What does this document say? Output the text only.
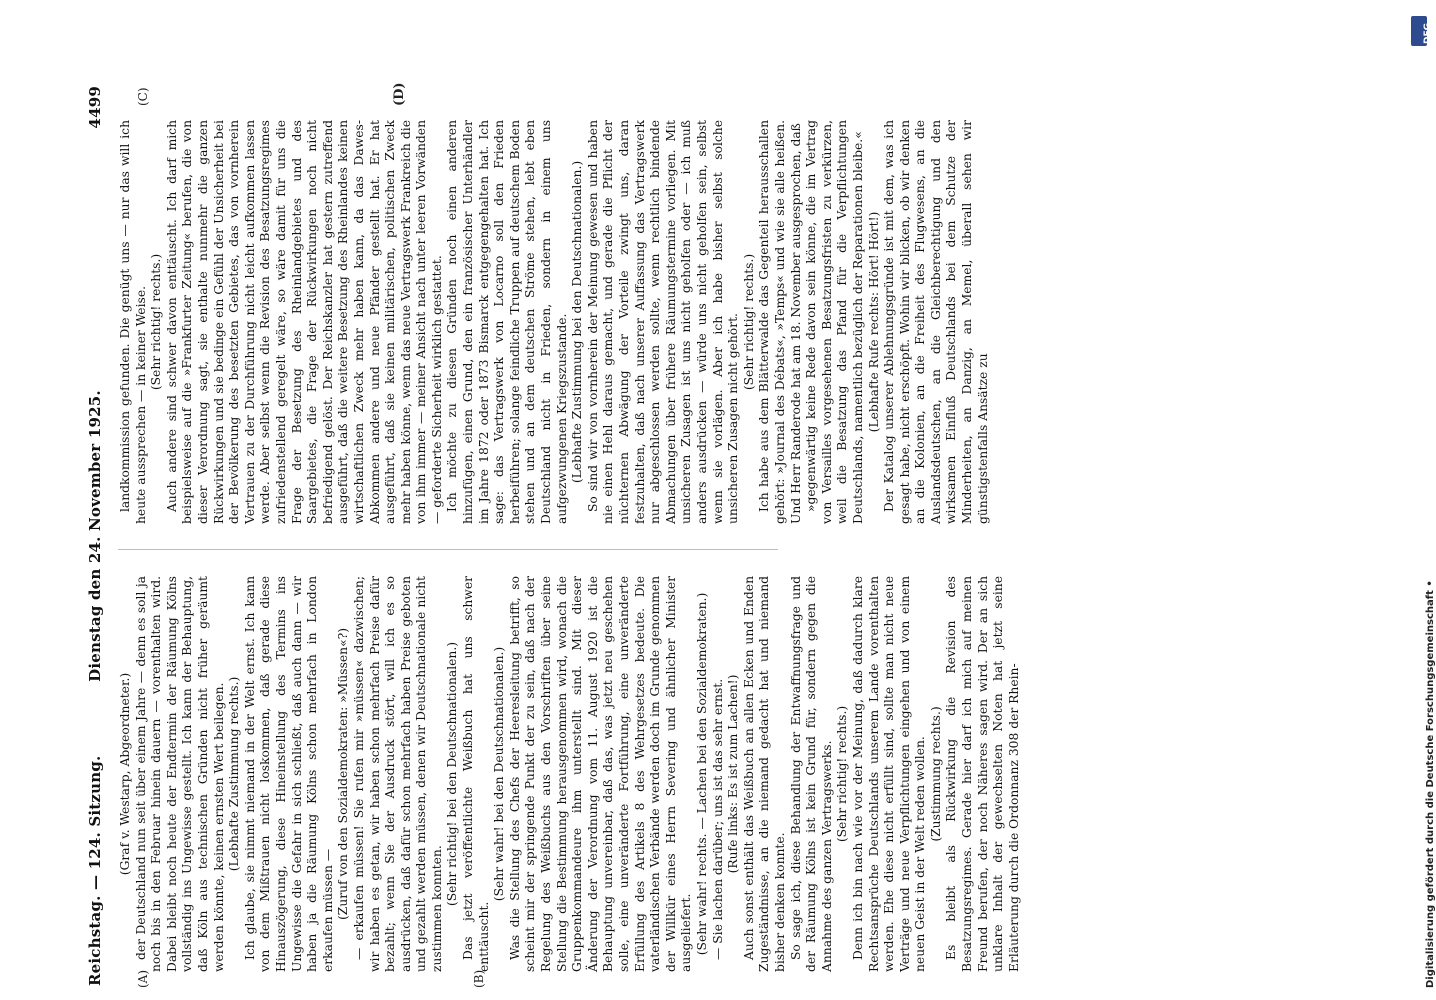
Reichstag. — 124. Sitzung.
Dienstag den 24. November 1925.
4499
(A)	(B)
(C)	(D)

(Graf v. Westarp, Abgeordneter.) der Deutschland nun seit über einem Jahre — denn es soll ja noch bis in den Februar hinein dauern — vorenthalten wird. Dabei bleibt noch heute der Endtermin der Räumung Kölns vollständig ins Ungewisse gestellt. Ich kann der Behauptung, daß Köln aus technischen Gründen nicht früher geräumt werden könnte, keinen ernsten Wert beilegen. (Lebhafte Zustimmung rechts.) Ich glaube, sie nimmt niemand in der Welt ernst. Ich kann von dem Mißtrauen nicht loskommen, daß gerade diese Hinauszögerung, diese Hineinstellung des Termins ins Ungewisse die Gefahr in sich schließt, daß auch dann — wir haben ja die Räumung Kölns schon mehrfach in London erkaufen müssen — (Zuruf von den Sozialdemokraten: »Müssen«?) — erkaufen müssen! Sie rufen mir »müssen« dazwischen; wir haben es getan, wir haben schon mehrfach Preise dafür bezahlt; wenn Sie der Ausdruck stört, will ich es so ausdrücken, daß dafür schon mehrfach haben Preise geboten und gezahlt werden müssen, denen wir Deutschnationale nicht zustimmen konnten.

(Sehr richtig! bei den Deutschnationalen.) Das jetzt veröffentlichte Weißbuch hat uns schwer enttäuscht.

(Sehr wahr! bei den Deutschnationalen.) Was die Stellung des Chefs der Heeresleitung betrifft, so scheint mir der springende Punkt der zu sein, daß nach der Regelung des Weißbuchs aus den Vorschriften über seine Stellung die Bestimmung herausgenommen wird, wonach die Gruppenkommandeure ihm unterstellt sind. Mit dieser Änderung der Verordnung vom 11. August 1920 ist die Behauptung unvereinbar, daß das, was jetzt neu geschehen solle, eine unveränderte Fortführung, eine unveränderte Erfüllung des Artikels 8 des Wehrgesetzes bedeute. Die vaterländischen Verbände werden doch im Grunde genommen der Willkür eines Herrn Severing und ähnlicher Minister ausgeliefert. (Sehr wahr! rechts. — Lachen bei den Sozialdemokraten.) — Sie lachen darüber; uns ist das sehr ernst. (Rufe links: Es ist zum Lachen!) Auch sonst enthält das Weißbuch an allen Ecken und Enden Zugeständnisse, an die niemand gedacht hat und niemand bisher denken konnte. So sage ich, diese Behandlung der Entwaffnungsfrage und der Räumung Kölns ist kein Grund für, sondern gegen die Annahme des ganzen Vertragswerks. (Sehr richtig! rechts.) Denn ich bin nach wie vor der Meinung, daß dadurch klare Rechtsansprüche Deutschlands unserem Lande vorenthalten werden. Ehe diese nicht erfüllt sind, sollte man nicht neue Verträge und neue Verpflichtungen eingehen und von einem neuen Geist in der Welt reden wollen. (Zustimmung rechts.) Es bleibt als Rückwirkung die Revision des Besatzungsregimes. Gerade hier darf ich mich auf meinen Freund berufen, der noch Näheres sagen wird. Der an sich unklare Inhalt der gewechselten Noten hat jetzt seine Erläuterung durch die Ordonnanz 308 der Rhein-

landkommission gefunden. Die genügt uns — nur das will ich heute aussprechen — in keiner Weise. (Sehr richtig! rechts.) Auch andere sind schwer davon enttäuscht. Ich darf mich beispielsweise auf die »Frankfurter Zeitung« berufen, die von dieser Verordnung sagt, sie enthalte nunmehr die ganzen Rückwirkungen und sie bedinge ein Gefühl der Unsicherheit bei der Bevölkerung des besetzten Gebietes, das von vornherein Vertrauen zu der Durchführung nicht leicht aufkommen lassen werde. Aber selbst wenn die Revision des Besatzungsregimes zufriedenstellend geregelt wäre, so wäre damit für uns die Frage der Besetzung des Rheinlandgebietes und des Saargebietes, die Frage der Rückwirkungen noch nicht befriedigend gelöst. Der Reichskanzler hat gestern zutreffend ausgeführt, daß die weitere Besetzung des Rheinlandes keinen wirtschaftlichen Zweck mehr haben kann, da das Dawes-Abkommen andere und neue Pfänder gestellt hat. Er hat ausgeführt, daß sie keinen militärischen, politischen Zweck mehr haben könne, wenn das neue Vertragswerk Frankreich die von ihm immer — meiner Ansicht nach unter leeren Vorwänden — geforderte Sicherheit wirklich gestattet. Ich möchte zu diesen Gründen noch einen anderen hinzufügen, einen Grund, den ein französischer Unterhändler im Jahre 1872 oder 1873 Bismarck entgegengehalten hat. Ich sage: das Vertragswerk von Locarno soll den Frieden herbeiführen; solange feindliche Truppen auf deutschem Boden stehen und an dem deutschen Ströme stehen, lebt eben Deutschland nicht in Frieden, sondern in einem uns aufgezwungenen Kriegszustande. (Lebhafte Zustimmung bei den Deutschnationalen.) So sind wir von vornherein der Meinung gewesen und haben nie einen Hehl daraus gemacht, und gerade die Pflicht der nüchternen Abwägung der Vorteile zwingt uns, daran festzuhalten, daß nach unserer Auffassung das Vertragswerk nur abgeschlossen werden sollte, wenn rechtlich bindende Abmachungen über frühere Räumungstermine vorliegen. Mit unsicheren Zusagen ist uns nicht geholfen oder — ich muß anders ausdrücken — würde uns nicht geholfen sein, selbst wenn sie vorlägen. Aber ich habe bisher selbst solche unsicheren Zusagen nicht gehört. (Sehr richtig! rechts.) Ich habe aus dem Blätterwalde das Gegenteil herausschallen gehört: »Journal des Débats«, »Temps« und wie sie alle heißen. Und Herr Randerode hat am 18. November ausgesprochen, daß »gegenwärtig keine Rede davon sein könne, die im Vertrag von Versailles vorgesehenen Besatzungsfristen zu verkürzen, weil die Besatzung das Pfand für die Verpflichtungen Deutschlands, namentlich bezüglich der Reparationen bleibe.« (Lebhafte Rufe rechts: Hört! Hört!) Der Katalog unserer Ablehnungsgründe ist mit dem, was ich gesagt habe, nicht erschöpft. Wohin wir blicken, ob wir denken an die Kolonien, an die Freiheit des Flugwesens, an die Auslandsdeutschen, an die Gleichberechtigung und den wirksamen Einfluß Deutschlands bei dem Schutze der Minderheiten, an Danzig, an Memel, überall sehen wir günstigstenfalls Ansätze zu

Digitalisierung gefördert durch die Deutsche Forschungsgemeinschaft •
DFG
